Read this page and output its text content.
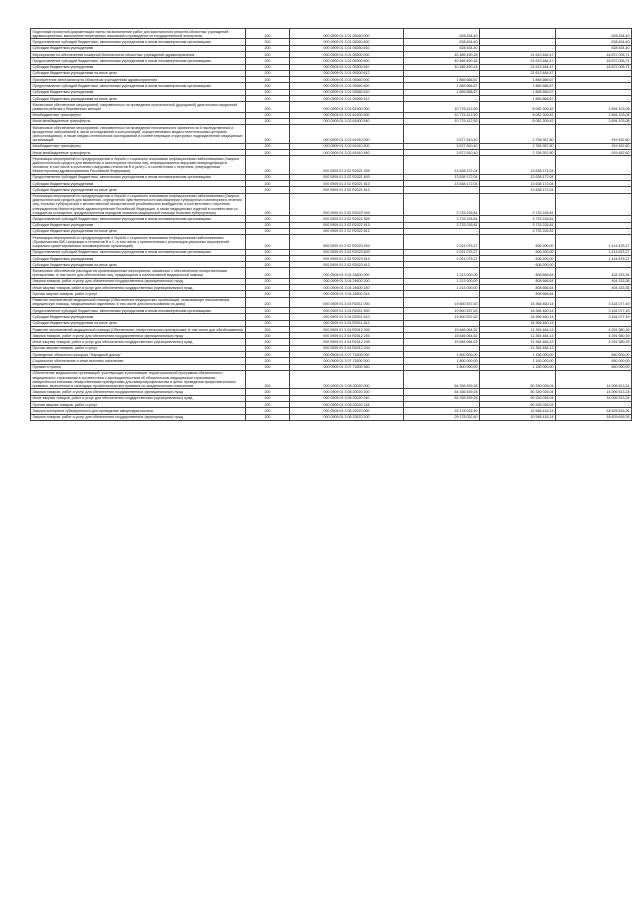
Подготовка проектной документации сметы на выполнение работ для капитального ремонта областных учреждений здравоохранения, выполнение инженерных изысканий и проведение их государственной экспертизы	200	000 0909 01 3 01 05260 000	628 634,40	-	628 634,40
Предоставление субсидий бюджетным, автономным учреждениям и иным некоммерческим организациям	200	000 0909 01 3 01 05260 600	628 634,40	-	628 634,40
Субсидии бюджетным учреждениям	200	000 0909 01 3 01 05260 610	628 634,40	-	628 634,40
Мероприятия по обеспечению пожарной безопасности областных учреждений здравоохранения	200	000 0909 01 3 01 05300 000	40 485 490,18	21 613 484,47	18 872 005,71
Предоставление субсидий бюджетным, автономным учреждениям и иным некоммерческим организациям	200	000 0909 01 3 01 05300 600	40 485 490,18	21 613 484,47	18 872 005,71
Субсидии бюджетным учреждениям	200	000 0909 01 3 01 05300 610	40 485 490,18	21 613 484,47	18 872 005,71
Субсидии бюджетным учреждениям на иные цели	200	000 0909 01 3 01 05300 612	-	21 613 484,47	-
Приобретение автотранспорта областным учреждениям здравоохранения	200	000 0909 01 3 01 05360 000	1 865 666,67	1 865 666,67	-
Предоставление субсидий бюджетным, автономным учреждениям и иным некоммерческим организациям	200	000 0909 01 3 01 05360 600	1 865 666,67	1 865 666,67	-
Субсидии бюджетным учреждениям	200	000 0909 01 3 01 05360 610	1 865 666,67	1 865 666,67	-
Субсидии бюджетным учреждениям на иные цели	200	000 0909 01 3 01 05360 612	-	1 865 666,67	-
Финансовое обеспечение мероприятий, направленных на проведение пренатальной (дородовой) диагностики нарушений развития ребенка у беременных женщин	200	000 0909 01 3 02 61900 000	10 776 412,50	8 082 309,42	2 694 103,08
Межбюджетные трансферты	200	000 0909 01 3 02 61900 500	10 776 412,50	8 082 309,42	2 694 103,08
Иные межбюджетные трансферты	200	000 0909 01 3 02 61900 540	10 776 412,50	8 082 309,42	2 694 103,08
Финансовое обеспечение мероприятий, направленных на проведение неонатального скрининга на 5 наследственных и врожденных заболеваний в части исследований и консультаций, осуществляемых медико-генетическими центрами (консультациями), а также медико-генетических исследований и соответствующих структурных подразделениях медицинских организаций	200	000 0909 01 3 02 61910 000	3 677 810,40	2 758 357,80	919 452,60
Межбюджетные трансферты	200	000 0909 01 3 02 61910 500	3 677 810,40	2 758 357,80	919 452,60
Иные межбюджетные трансферты	200	000 0909 01 3 02 61910 540	3 677 810,40	2 758 357,80	919 452,60
Реализация мероприятий по предупреждению и борьбе с социально значимыми инфекционными заболеваниями (Закупка диагностических средств для выявления и мониторинга лечения лиц, инфицированных вирусами иммунодефицита человека, в том числе в сочетании с вирусами гепатитов B и (или) C в соответствии с перечнем, утвержденным Министерством здравоохранения Российской Федерации)	200	000 0909 01 3 02 R2021 000	13 638 172,04	13 638 172,04	-
Предоставление субсидий бюджетным, автономным учреждениям и иным некоммерческим организациям	200	000 0909 01 3 02 R2021 600	13 638 172,04	13 638 172,04	-
Субсидии бюджетным учреждениям	200	000 0909 01 3 02 R2021 610	13 638 172,04	13 638 172,04	-
Субсидии бюджетным учреждениям на иные цели	200	000 0909 01 3 02 R2021 612	-	13 638 172,04	-
Реализация мероприятий по предупреждению и борьбе с социально значимыми инфекционными заболеваниями (Закупка диагностических средств для выявления, определения чувствительности микобактерии туберкулеза и мониторинга лечения лиц, больных туберкулезом с множественной лекарственной устойчивостью возбудителя, в соответствии с перечнем, утвержденным Министерством здравоохранения Российской Федерации, а также медицинских изделий в соответствии со стандартом оснащения, предусмотренным порядком оказания медицинской помощи больным туберкулезом)	200	000 0909 01 3 02 R2022 000	3 733 226,81	3 733 226,81	-
Предоставление субсидий бюджетным, автономным учреждениям и иным некоммерческим организациям	200	000 0909 01 3 02 R2022 600	3 733 226,81	3 733 226,81	-
Субсидии бюджетным учреждениям	200	000 0909 01 3 02 R2022 610	3 733 226,81	3 733 226,81	-
Субсидии бюджетным учреждениям на иные цели	200	000 0909 01 3 02 R2022 612	-	3 733 226,81	-
Реализация мероприятий по предупреждению и борьбе с социально значимыми инфекционными заболеваниями (Профилактика ВИЧ-инфекции и гепатитов B и C, в том числе с привлечением к реализации указанных мероприятий социально ориентированных некоммерческих организаций)	200	000 0909 01 3 02 R2023 000	2 021 075,27	606 200,00	1 414 875,27
Предоставление субсидий бюджетным, автономным учреждениям и иным некоммерческим организациям	200	000 0909 01 3 02 R2023 600	2 021 075,27	606 200,00	1 414 875,27
Субсидии бюджетным учреждениям	200	000 0909 01 3 02 R2023 610	2 021 075,27	606 200,00	1 414 875,27
Субсидии бюджетным учреждениям на иные цели	200	000 0909 01 3 02 R2023 612	-	606 200,00	-
Финансовое обеспечение расходов на организационные мероприятия, связанные с обеспечением лекарственными препаратами, в том числе для обеспечения лиц, нуждающихся в паллиативной медицинской помощи	200	000 0909 01 3 04 24600 000	1 213 000,00	808 666,64	404 333,36
Закупка товаров, работ и услуг для обеспечения государственных (муниципальных) нужд	200	000 0909 01 3 04 24600 200	1 213 000,00	808 666,64	404 333,36
Иные закупки товаров, работ и услуг для обеспечения государственных (муниципальных) нужд	200	000 0909 01 3 04 24600 240	1 213 000,00	808 666,64	404 333,36
Прочая закупка товаров, работ и услуг	200	000 0909 01 3 04 24600 244	-	808 666,64	-
Развитие паллиативной медицинской помощи (Обеспечение медицинских организаций, оказывающих паллиативную медицинскую помощь, медицинскими изделиями, в том числе для использования на дому)	200	000 0909 01 3 04 R2011 000	19 800 537,63	16 366 460,14	3 434 077,49
Предоставление субсидий бюджетным, автономным учреждениям и иным некоммерческим организациям	200	000 0909 01 3 04 R2011 600	19 800 537,63	16 366 460,14	3 434 077,49
Субсидии бюджетным учреждениям	200	000 0909 01 3 04 R2011 610	19 800 537,63	16 366 460,14	3 434 077,49
Субсидии бюджетным учреждениям на иные цели	200	000 0909 01 3 04 R2011 612	-	16 366 460,14	-
Развитие паллиативной медицинской помощи (Обеспечение лекарственными препаратами, в том числе для обезболивания)	200	000 0909 01 3 04 R2012 000	15 646 064,52	11 354 484,13	4 291 580,39
Закупка товаров, работ и услуг для обеспечения государственных (муниципальных) нужд	200	000 0909 01 3 04 R2012 200	15 646 064,52	11 354 484,13	4 291 580,39
Иные закупки товаров, работ и услуг для обеспечения государственных (муниципальных) нужд	200	000 0909 01 3 04 R2012 240	15 646 064,52	11 354 484,13	4 291 580,39
Прочая закупка товаров, работ и услуг	200	000 0909 01 3 04 R2012 244	-	11 354 484,13	-
Проведение областного конкурса "Народный доктор"	200	000 0909 01 3 07 71600 000	1 800 000,00	1 150 000,00	650 000,00
Социальное обеспечение и иные выплаты населению	200	000 0909 01 3 07 71600 300	1 800 000,00	1 150 000,00	650 000,00
Премии и гранты	200	000 0909 01 3 07 71600 350	1 800 000,00	1 150 000,00	650 000,00
Обеспечение медицинских организаций, участвующих в реализации территориальной программы обязательного медицинского страхования в соответствии с законодательством об обязательном медицинском страховании, иммунобиологическими лекарственными препаратами для иммунопрофилактики в целях проведения профилактических прививок, включенных в календарь профилактических прививок по эпидемическим показаниям	200	000 0909 01 3 08 20020 000	64 336 539,28	50 330 026,04	14 006 513,24
Закупка товаров, работ и услуг для обеспечения государственных (муниципальных) нужд	200	000 0909 01 3 08 20020 200	64 336 539,28	50 330 026,04	14 006 513,24
Иные закупки товаров, работ и услуг для обеспечения государственных (муниципальных) нужд	200	000 0909 01 3 08 20020 240	64 336 539,28	50 330 026,04	14 006 513,24
Прочая закупка товаров, работ и услуг	200	000 0909 01 3 08 20020 244	-	50 330 026,04	-
Закупка аллергена туберкулезного для проведения иммунодиагностики	200	000 0909 01 3 08 22670 000	29 178 032,40	10 548 416,14	18 629 616,26
Закупка товаров, работ и услуг для обеспечения государственных (муниципальных) нужд	200	000 0909 01 3 08 22670 200	29 178 032,40	10 548 416,14	18 629 616,26
